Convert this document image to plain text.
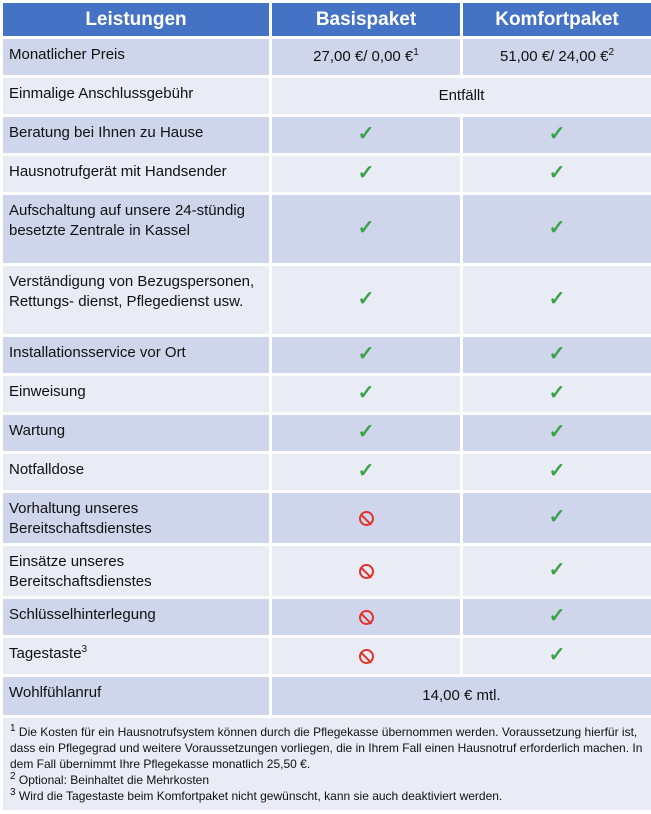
Leistungen	Basispaket	Komfortpaket
Monatlicher Preis	27,00 €/ 0,00 €$^1$	51,00 €/ 24,00 €$^2$
Einmalige Anschlussgebühr	Entfällt	
Beratung bei Ihnen zu Hause	✓	✓
Hausnotrufgerät mit Handsender	✓	✓
Aufschaltung auf unsere 24-stündig besetzte Zentrale in Kassel	✓	✓
Verständigung von Bezugspersonen, Rettungs- dienst, Pflegedienst usw.	✓	✓
Installationsservice vor Ort	✓	✓
Einweisung	✓	✓
Wartung	✓	✓
Notfalldose	✓	✓
Vorhaltung unseres Bereitschaftsdienstes		✓
Einsätze unseres Bereitschaftsdienstes		✓
Schlüsselhinterlegung		✓
Tagestaste$^3$		✓
Wohlfühlanruf	14,00 € mtl.	

$^1$ Die Kosten für ein Hausnotrufsystem können durch die Pflegekasse übernommen werden. Voraussetzung hierfür ist, dass ein Pflegegrad und weitere Voraussetzungen vorliegen, die in Ihrem Fall einen Hausnotruf erforderlich machen. In dem Fall übernimmt Ihre Pflegekasse monatlich 25,50 €.
$^2$ Optional: Beinhaltet die Mehrkosten
$^3$ Wird die Tagestaste beim Komfortpaket nicht gewünscht, kann sie auch deaktiviert werden.		
